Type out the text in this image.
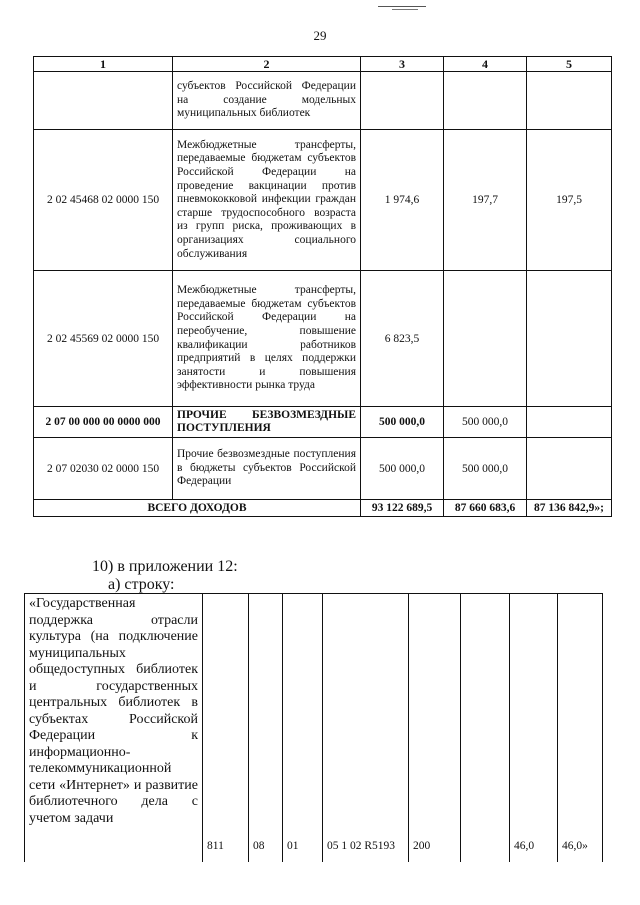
29
1	2	3	4	5
	субъектов Российской Федерации на создание модельных муниципальных библиотек			
2 02 45468 02 0000 150	Межбюджетные трансферты, передаваемые бюджетам субъектов Российской Федерации на проведение вакцинации против пневмококковой инфекции граждан старше трудоспособного возраста из групп риска, проживающих в организациях социального обслуживания	1 974,6	197,7	197,5
2 02 45569 02 0000 150	Межбюджетные трансферты, передаваемые бюджетам субъектов Российской Федерации на переобучение, повышение квалификации работников предприятий в целях поддержки занятости и повышения эффективности рынка труда	6 823,5		
2 07 00 000 00 0000 000	ПРОЧИЕ БЕЗВОЗМЕЗДНЫЕ ПОСТУПЛЕНИЯ	500 000,0	500 000,0	
2 07 02030 02 0000 150	Прочие безвозмездные поступления в бюджеты субъектов Российской Федерации	500 000,0	500 000,0	
ВСЕГО ДОХОДОВ		93 122 689,5	87 660 683,6	87 136 842,9»;
10) в приложении 12:
а) строку:
«Государственная поддержка отрасли культура (на подключение муниципальных общедоступных библиотек и государственных центральных библиотек в субъектах Российской Федерации к информационно-телекоммуникационной сети «Интернет» и развитие библиотечного дела с учетом задачи	811	08	01	05 1 02 R5193	200		46,0	46,0»
